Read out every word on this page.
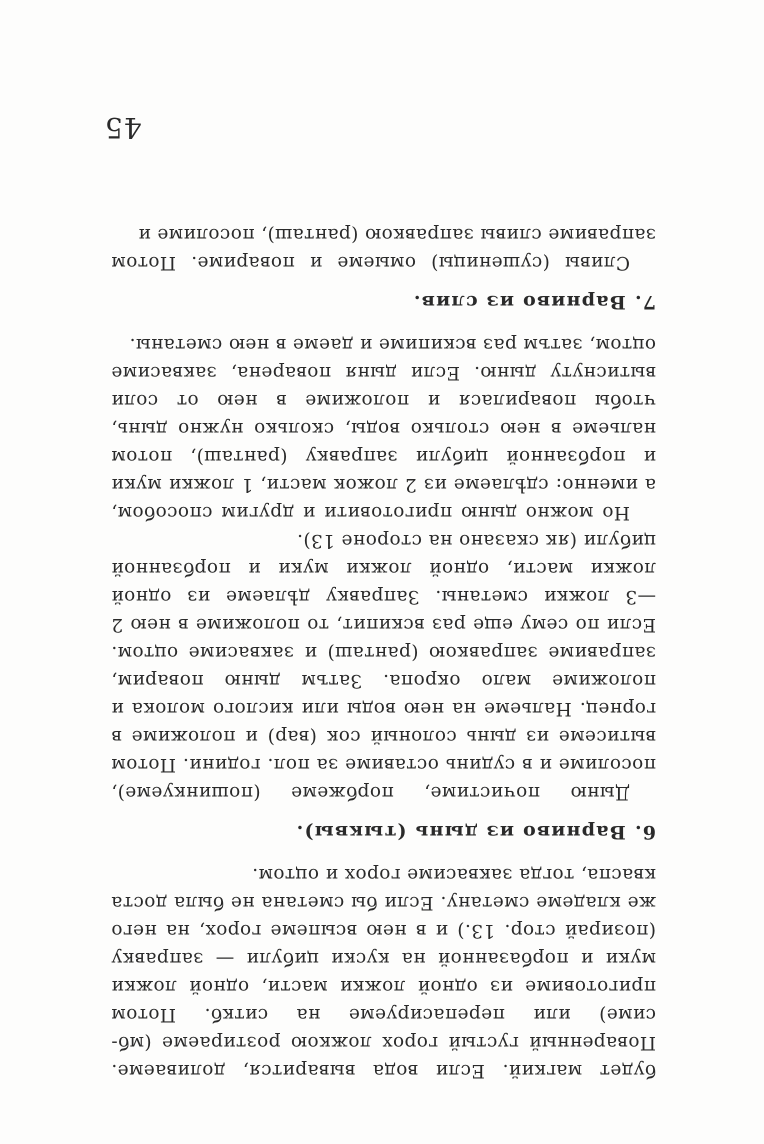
будет магкий. Если вода выварится, доливаеме. Поваренный густый горох ложкою розтираеме (мб-симе) или перепасируеме на ситкб. Потом приготовиме из одной ложки масти, одной ложки муки и порбазанной на куски цибули — заправку (позирай стор. 13.) и в нею всыпеме горох, на него же кладеме сметану. Если бы сметана не была доста кваспа, тогда заквасиме горох и оцтом.

6.Варниво из дынь (тыквы).

Дыню почистиме, порбжеме (пошинкуеме), посолиме и в судинь оставиме за пол. години. Потом вытисеме из дынь солоный сок (вар) и положиме в горнец. Нальеме на нею воды или кислого молока и положиме мало окропа. Затъм дыню поварим, заправиме заправкою (ранташ) и заквасиме оцтом. Если по сему еще раз вскипит, то положиме в нею 2—3 ложки сметаны. Заправку дѣлаеме из одной ложки масти, одной ложки муки и порбзанной цибули (як сказано на стороне 13).

Но можно дыню приготовити и другим способом, а именно: сдѣлаеме из 2 ложок масти, 1 ложки муки и порбзанной цибули заправку (ранташ), потом нальеме в нею столько воды, сколько нужно дынь, чтобы поварилася и положиме в нею от соли вытиснуту дыню. Если дыня поварена, заквасиме оцтом, затъм раз вскипиме и даеме в нею сметаны.

7.Варниво из слив.

Сливы (сушеницы) омыеме и повариме. Потом заправиме сливы заправкою (ранташ), посолиме и

45
